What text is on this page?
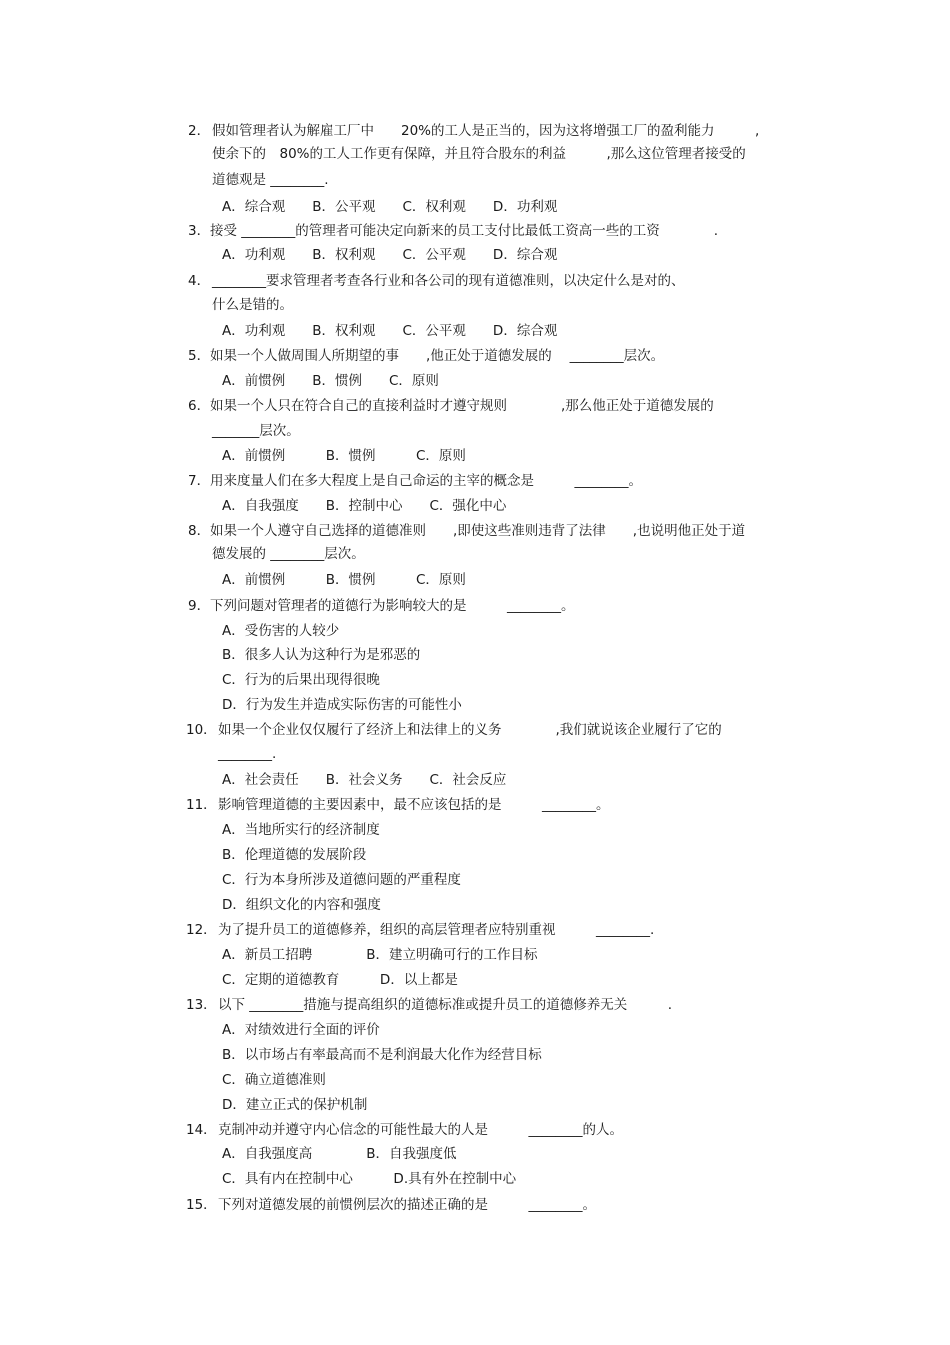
2． 假如管理者认为解雇工厂中　　20%的工人是正当的，因为这将增强工厂的盈利能力　　　,
使余下的　80%的工人工作更有保障，并且符合股东的利益　　　,那么这位管理者接受的
道德观是 ________.
A．综合观　　B．公平观　　C．权利观　　D．功利观
3． 接受 ________的管理者可能决定向新来的员工支付比最低工资高一些的工资　　　　.
A．功利观　　B．权利观　　C．公平观　　D．综合观
4． ________要求管理者考查各行业和各公司的现有道德准则，以决定什么是对的、
什么是错的。
A．功利观　　B．权利观　　C．公平观　　D．综合观
5． 如果一个人做周围人所期望的事　　,他正处于道德发展的　 ________层次。
A．前惯例　　B．惯例　　C．原则
6． 如果一个人只在符合自己的直接利益时才遵守规则　　　　,那么他正处于道德发展的
_______层次。
A．前惯例　　　B．惯例　　　C．原则
7． 用来度量人们在多大程度上是自己命运的主宰的概念是　　　________。
A．自我强度　　B．控制中心　　C．强化中心
8． 如果一个人遵守自己选择的道德准则　　,即使这些准则违背了法律　　,也说明他正处于道
德发展的 ________层次。
A．前惯例　　　B．惯例　　　C．原则
9． 下列问题对管理者的道德行为影响较大的是　　　________。
A．受伤害的人较少
B．很多人认为这种行为是邪恶的
C．行为的后果出现得很晚
D．行为发生并造成实际伤害的可能性小
10． 如果一个企业仅仅履行了经济上和法律上的义务　　　　,我们就说该企业履行了它的
________.
A．社会责任　　B．社会义务　　C．社会反应
11． 影响管理道德的主要因素中，最不应该包括的是　　　________。
A．当地所实行的经济制度
B．伦理道德的发展阶段
C．行为本身所涉及道德问题的严重程度
D．组织文化的内容和强度
12． 为了提升员工的道德修养，组织的高层管理者应特别重视　　　________.
A．新员工招聘　　　　B．建立明确可行的工作目标
C．定期的道德教育　　　D．以上都是
13． 以下 ________措施与提高组织的道德标准或提升员工的道德修养无关　　　.
A．对绩效进行全面的评价
B．以市场占有率最高而不是利润最大化作为经营目标
C．确立道德准则
D．建立正式的保护机制
14． 克制冲动并遵守内心信念的可能性最大的人是　　　________的人。
A．自我强度高　　　　B．自我强度低
C．具有内在控制中心　　　D.具有外在控制中心
15． 下列对道德发展的前惯例层次的描述正确的是　　　________。
